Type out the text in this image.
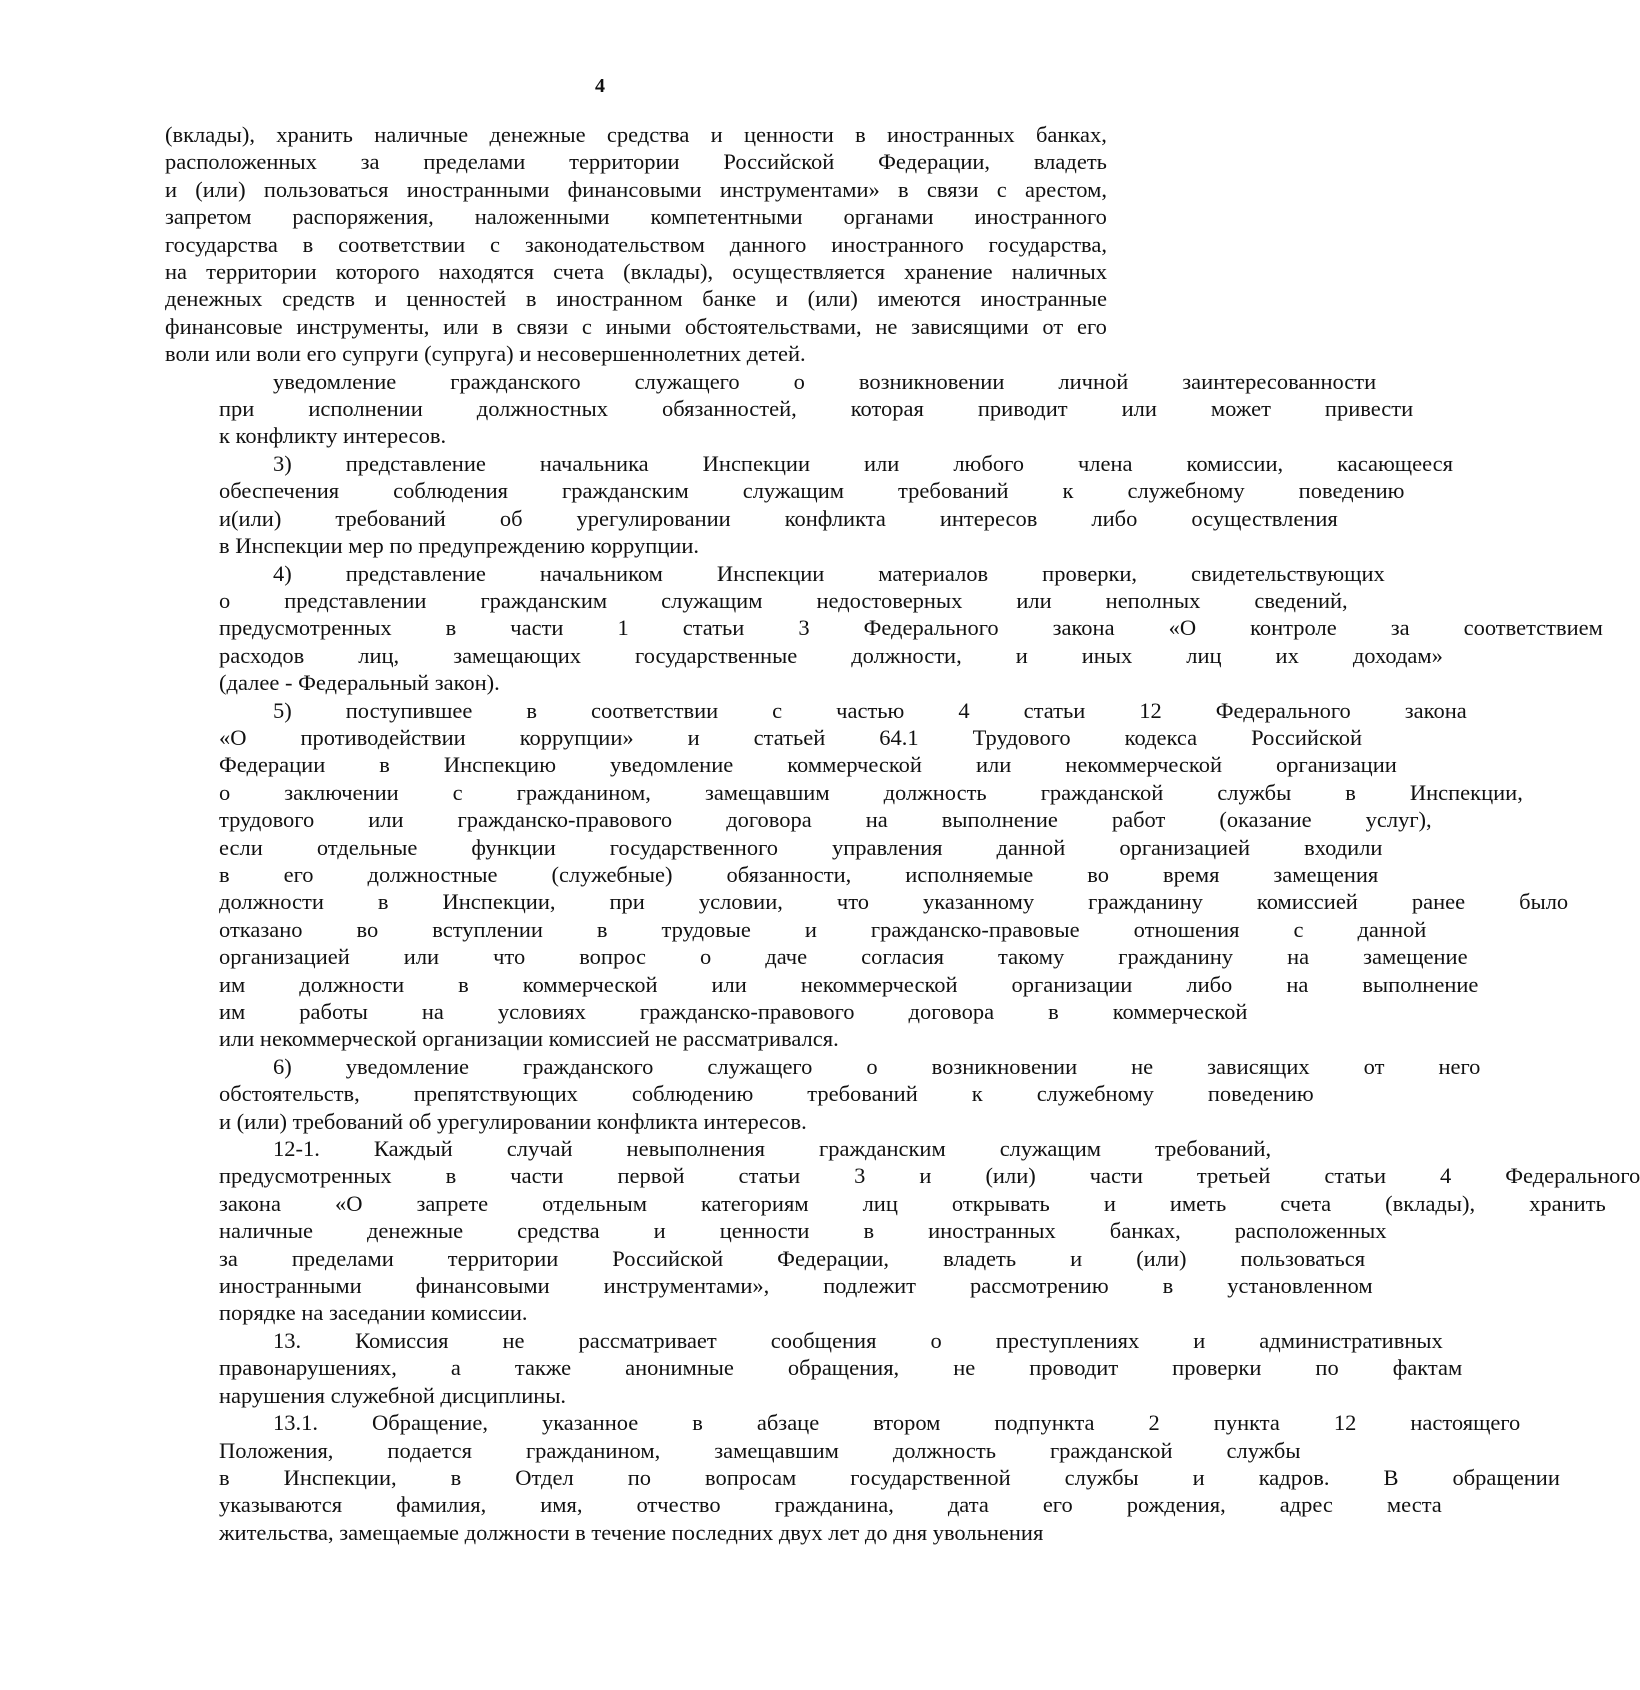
4
(вклады), хранить наличные денежные средства и ценности в иностранных банках,
расположенных за пределами территории Российской Федерации, владеть
и (или) пользоваться иностранными финансовыми инструментами» в связи с арестом,
запретом распоряжения, наложенными компетентными органами иностранного
государства в соответствии с законодательством данного иностранного государства,
на территории которого находятся счета (вклады), осуществляется хранение наличных
денежных средств и ценностей в иностранном банке и (или) имеются иностранные
финансовые инструменты, или в связи с иными обстоятельствами, не зависящими от его
воли или воли его супруги (супруга) и несовершеннолетних детей.
уведомление	гражданского	служащего	о	возникновении	личной	заинтересованности
при	исполнении	должностных	обязанностей,	которая	приводит	или	может	привести
к конфликту интересов.
3)	представление	начальника	Инспекции	или	любого	члена	комиссии,	касающееся
обеспечения	соблюдения	гражданским	служащим	требований	к	служебному	поведению
и(или)	требований	об	урегулировании	конфликта	интересов	либо	осуществления
в Инспекции мер по предупреждению коррупции.
4)	представление	начальником	Инспекции	материалов	проверки,	свидетельствующих
о	представлении	гражданским	служащим	недостоверных	или	неполных	сведений,
предусмотренных	в	части	1	статьи	3	Федерального	закона	«О	контроле	за	соответствием
расходов	лиц,	замещающих	государственные	должности,	и	иных	лиц	их	доходам»
(далее - Федеральный закон).
5)	поступившее	в	соответствии	с	частью	4	статьи	12	Федерального	закона
«О	противодействии	коррупции»	и	статьей	64.1	Трудового	кодекса	Российской
Федерации	в	Инспекцию	уведомление	коммерческой	или	некоммерческой	организации
о	заключении	с	гражданином,	замещавшим	должность	гражданской	службы	в	Инспекции,
трудового	или	гражданско-правового	договора	на	выполнение	работ	(оказание	услуг),
если	отдельные	функции	государственного	управления	данной	организацией	входили
в	его	должностные	(служебные)	обязанности,	исполняемые	во	время	замещения
должности	в	Инспекции,	при	условии,	что	указанному	гражданину	комиссией	ранее	было
отказано	во	вступлении	в	трудовые	и	гражданско-правовые	отношения	с	данной
организацией	или	что	вопрос	о	даче	согласия	такому	гражданину	на	замещение
им	должности	в	коммерческой	или	некоммерческой	организации	либо	на	выполнение
им	работы	на	условиях	гражданско-правового	договора	в	коммерческой
или некоммерческой организации комиссией не рассматривался.
6)	уведомление	гражданского	служащего	о	возникновении	не	зависящих	от	него
обстоятельств,	препятствующих	соблюдению	требований	к	служебному	поведению
и (или) требований об урегулировании конфликта интересов.
12-1.	Каждый	случай	невыполнения	гражданским	служащим	требований,
предусмотренных	в	части	первой	статьи	3	и	(или)	части	третьей	статьи	4	Федерального
закона	«О	запрете	отдельным	категориям	лиц	открывать	и	иметь	счета	(вклады),	хранить
наличные	денежные	средства	и	ценности	в	иностранных	банках,	расположенных
за	пределами	территории	Российской	Федерации,	владеть	и	(или)	пользоваться
иностранными	финансовыми	инструментами»,	подлежит	рассмотрению	в	установленном
порядке на заседании комиссии.
13.	Комиссия	не	рассматривает	сообщения	о	преступлениях	и	административных
правонарушениях,	а	также	анонимные	обращения,	не	проводит	проверки	по	фактам
нарушения служебной дисциплины.
13.1.	Обращение,	указанное	в	абзаце	втором	подпункта	2	пункта	12	настоящего
Положения,	подается	гражданином,	замещавшим	должность	гражданской	службы
в	Инспекции,	в	Отдел	по	вопросам	государственной	службы	и	кадров.	В	обращении
указываются	фамилия,	имя,	отчество	гражданина,	дата	его	рождения,	адрес	места
жительства, замещаемые должности в течение последних двух лет до дня увольнения
